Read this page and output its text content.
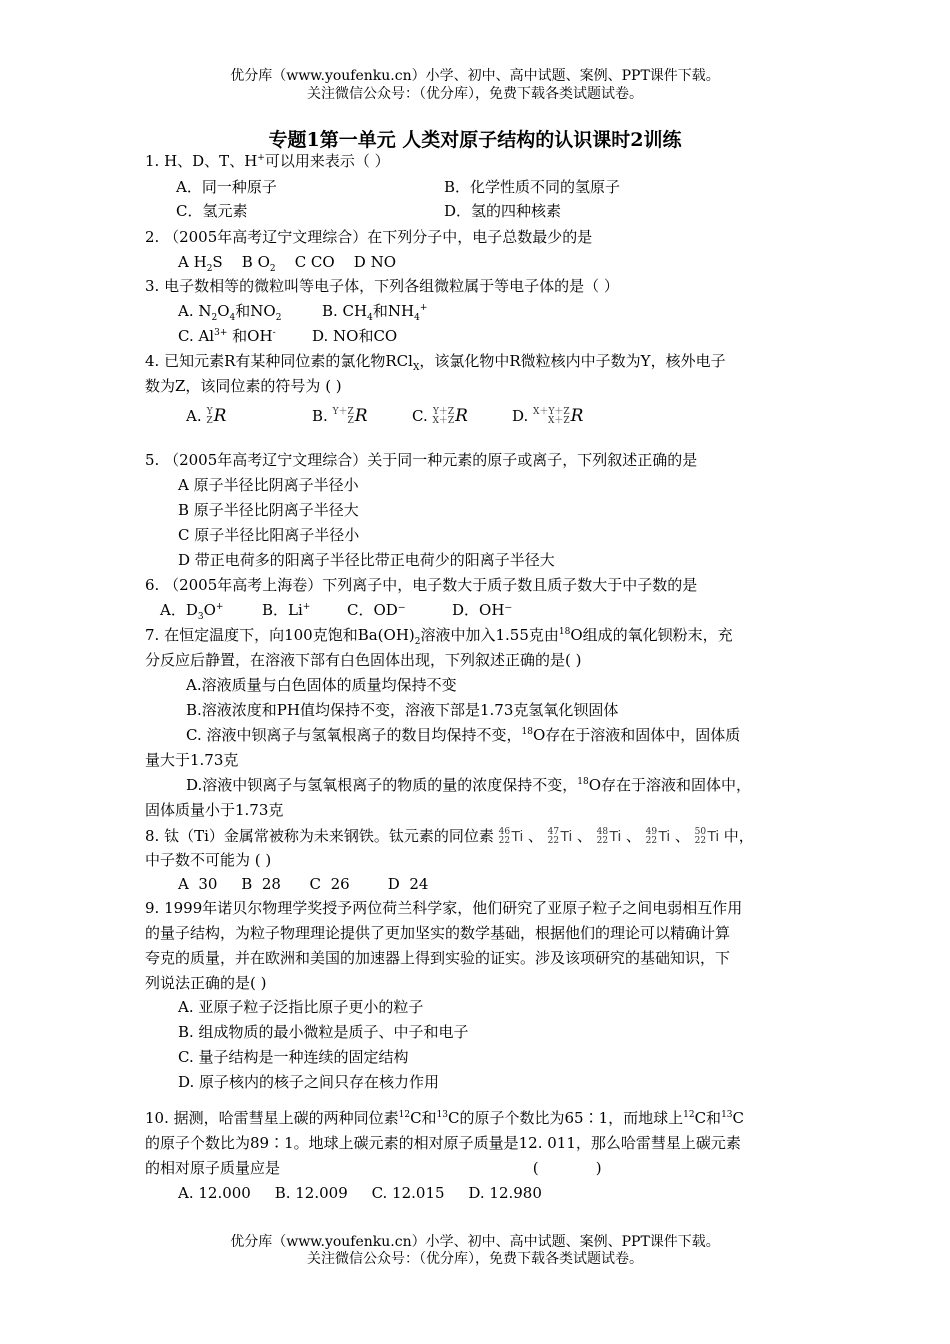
优分库（www.youfenku.cn）小学、初中、高中试题、案例、PPT课件下载。
关注微信公众号：（优分库），免费下载各类试题试卷。
专题1第一单元 人类对原子结构的认识课时2训练
1. H、D、T、H+可以用来表示（ ）
A．同一种原子	B．化学性质不同的氢原子
C．氢元素	D．氢的四种核素
2. （2005年高考辽宁文理综合）在下列分子中，电子总数最少的是
A $H_2S$ B $O_2$ C CO D NO
3. 电子数相等的微粒叫等电子体，下列各组微粒属于等电子体的是（ ）
A. $N_2O_4$和$NO_2$	B. $CH_4$和$NH_4^+$
C. $Al^{3+}$ 和OH- D. NO和CO
4. 已知元素R有某种同位素的氯化物RCl$_X$，该氯化物中R微粒核内中子数为Y，核外电子
数为Z，该同位素的符号为 ( )
A. Y
Z R	B. Y＋Z
Z R	C. Y＋Z
X＋Z R	D. X＋Y＋Z
X＋Z R
5. （2005年高考辽宁文理综合）关于同一种元素的原子或离子，下列叙述正确的是
A 原子半径比阴离子半径小
B 原子半径比阴离子半径大
C 原子半径比阳离子半径小
D 带正电荷多的阳离子半径比带正电荷少的阳离子半径大
6. （2005年高考上海卷）下列离子中，电子数大于质子数且质子数大于中子数的是
A．$D_3O^+$	B．Li+ C．OD⁻	D．OH⁻
7. 在恒定温度下，向100克饱和$Ba(OH)_2$溶液中加入1.55克由$^{18}$O组成的氧化钡粉末，充
分反应后静置，在溶液下部有白色固体出现，下列叙述正确的是( )
A.溶液质量与白色固体的质量均保持不变
B.溶液浓度和PH值均保持不变，溶液下部是1.73克氢氧化钡固体
C. 溶液中钡离子与氢氧根离子的数目均保持不变，$^{18}$O存在于溶液和固体中，固体质
量大于1.73克
D.溶液中钡离子与氢氧根离子的物质的量的浓度保持不变，$^{18}$O存在于溶液和固体中，
固体质量小于1.73克
8. 钛（Ti）金属常被称为未来钢铁。钛元素的同位素 46
22 Ti 、 47
22 Ti 、 48
22 Ti 、 49
22 Ti 、 50
22 Ti 中，
中子数不可能为 ( )
A  30     B  28      C  26        D  24
9. 1999年诺贝尔物理学奖授予两位荷兰科学家，他们研究了亚原子粒子之间电弱相互作用
的量子结构，为粒子物理理论提供了更加坚实的数学基础，根据他们的理论可以精确计算
夸克的质量，并在欧洲和美国的加速器上得到实验的证实。涉及该项研究的基础知识，下
列说法正确的是( )
A. 亚原子粒子泛指比原子更小的粒子
B. 组成物质的最小微粒是质子、中子和电子
C. 量子结构是一种连续的固定结构
D. 原子核内的核子之间只存在核力作用
10. 据测，哈雷彗星上碳的两种同位素$^{12}$C和$^{13}$C的原子个数比为65∶1，而地球上$^{12}$C和$^{13}$C
的原子个数比为89∶1。地球上碳元素的相对原子质量是12. 011，那么哈雷彗星上碳元素
的相对原子质量应是                                                     (            )
A. 12.000     B. 12.009     C. 12.015     D. 12.980
优分库（www.youfenku.cn）小学、初中、高中试题、案例、PPT课件下载。
关注微信公众号：（优分库），免费下载各类试题试卷。
